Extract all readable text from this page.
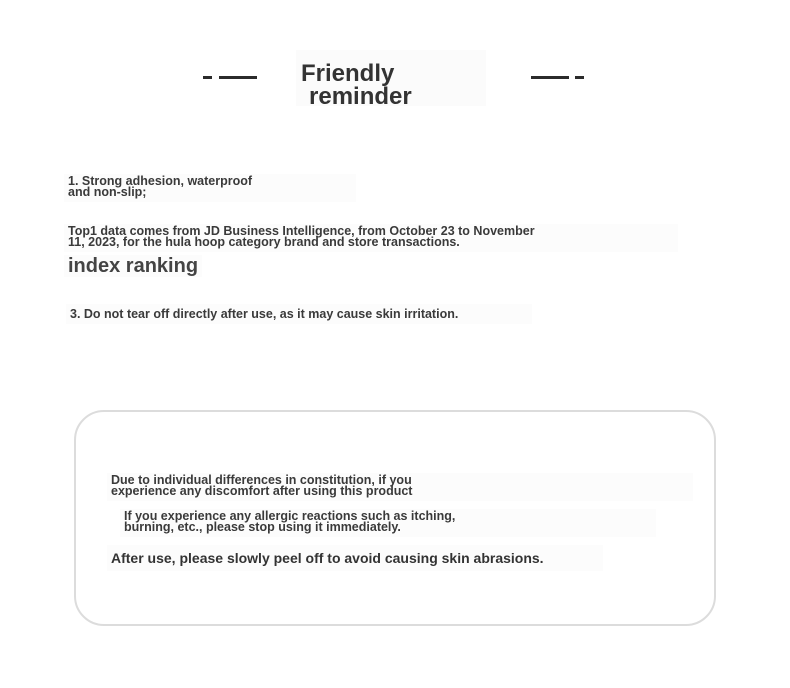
Friendly
reminder
1. Strong adhesion, waterproof
and non-slip;
Top1 data comes from JD Business Intelligence, from October 23 to November
11, 2023, for the hula hoop category brand and store transactions.
index ranking
3. Do not tear off directly after use, as it may cause skin irritation.
Due to individual differences in constitution, if you
experience any discomfort after using this product
If you experience any allergic reactions such as itching,
burning, etc., please stop using it immediately.
After use, please slowly peel off to avoid causing skin abrasions.
